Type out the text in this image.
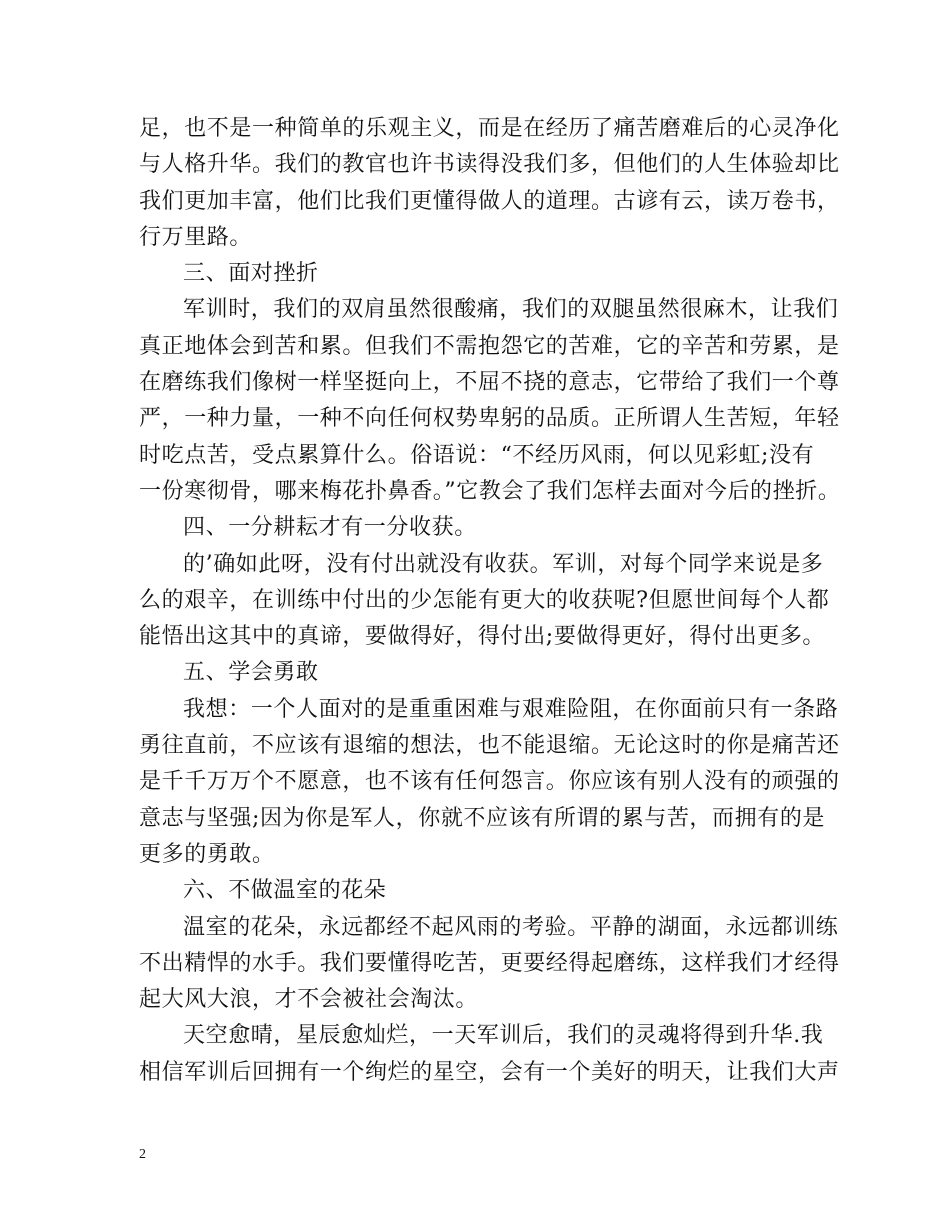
足，也不是一种简单的乐观主义，而是在经历了痛苦磨难后的心灵净化
与人格升华。我们的教官也许书读得没我们多，但他们的人生体验却比
我们更加丰富，他们比我们更懂得做人的道理。古谚有云，读万卷书，
行万里路。
三、面对挫折
军训时，我们的双肩虽然很酸痛，我们的双腿虽然很麻木，让我们
真正地体会到苦和累。但我们不需抱怨它的苦难，它的辛苦和劳累，是
在磨练我们像树一样坚挺向上，不屈不挠的意志，它带给了我们一个尊
严，一种力量，一种不向任何权势卑躬的品质。正所谓人生苦短，年轻
时吃点苦，受点累算什么。俗语说：“不经历风雨，何以见彩虹;没有
一份寒彻骨，哪来梅花扑鼻香。”它教会了我们怎样去面对今后的挫折。
四、一分耕耘才有一分收获。
的’确如此呀，没有付出就没有收获。军训，对每个同学来说是多
么的艰辛，在训练中付出的少怎能有更大的收获呢?但愿世间每个人都
能悟出这其中的真谛，要做得好，得付出;要做得更好，得付出更多。
五、学会勇敢
我想：一个人面对的是重重困难与艰难险阻，在你面前只有一条路
勇往直前，不应该有退缩的想法，也不能退缩。无论这时的你是痛苦还
是千千万万个不愿意，也不该有任何怨言。你应该有别人没有的顽强的
意志与坚强;因为你是军人，你就不应该有所谓的累与苦，而拥有的是
更多的勇敢。
六、不做温室的花朵
温室的花朵，永远都经不起风雨的考验。平静的湖面，永远都训练
不出精悍的水手。我们要懂得吃苦，更要经得起磨练，这样我们才经得
起大风大浪，才不会被社会淘汰。
天空愈晴，星辰愈灿烂，一天军训后，我们的灵魂将得到升华.我
相信军训后回拥有一个绚烂的星空，会有一个美好的明天，让我们大声
2
